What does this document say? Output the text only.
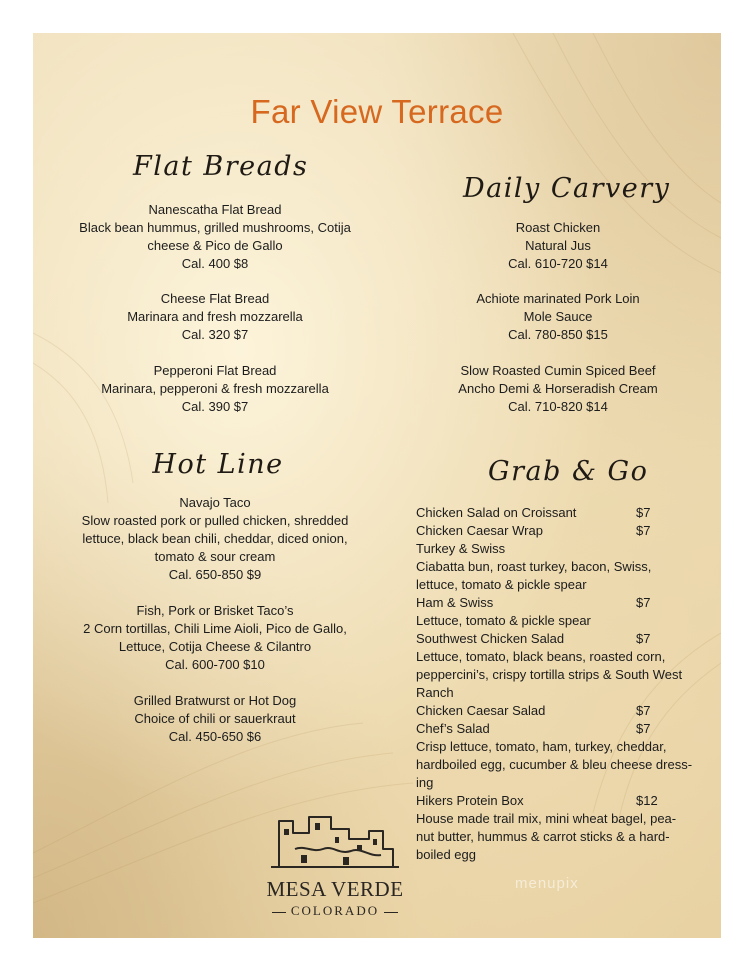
Far View Terrace
Flat Breads
Nanescatha Flat Bread
Black bean hummus, grilled mushrooms, Cotija
cheese & Pico de Gallo
Cal. 400 $8
Cheese Flat Bread
Marinara and fresh mozzarella
Cal. 320 $7
Pepperoni Flat Bread
Marinara, pepperoni & fresh mozzarella
Cal. 390 $7
Hot Line
Navajo Taco
Slow roasted pork or pulled chicken, shredded
lettuce, black bean chili, cheddar, diced onion,
tomato & sour cream
Cal. 650-850 $9
Fish, Pork or Brisket Taco’s
2 Corn tortillas, Chili Lime Aioli, Pico de Gallo,
Lettuce, Cotija Cheese & Cilantro
Cal. 600-700 $10
Grilled Bratwurst or Hot Dog
Choice of chili or sauerkraut
Cal. 450-650 $6
Daily Carvery
Roast Chicken
Natural Jus
Cal. 610-720 $14
Achiote marinated Pork Loin
Mole Sauce
Cal. 780-850 $15
Slow Roasted Cumin Spiced Beef
Ancho Demi & Horseradish Cream
Cal. 710-820 $14
Grab & Go
Chicken Salad on Croissant	$7
Chicken Caesar Wrap	$7
Turkey & Swiss
Ciabatta bun, roast turkey, bacon, Swiss,
lettuce, tomato & pickle spear
Ham & Swiss	$7
Lettuce, tomato & pickle spear
Southwest Chicken Salad	$7
Lettuce, tomato, black beans, roasted corn,
peppercini’s, crispy tortilla strips & South West
Ranch
Chicken Caesar Salad	$7
Chef’s Salad	$7
Crisp lettuce, tomato, ham, turkey, cheddar,
hardboiled egg, cucumber & bleu cheese dress-
ing
Hikers Protein Box	$12
House made trail mix, mini wheat bagel, pea-
nut butter, hummus & carrot sticks & a hard-
boiled egg
MESA VERDE
COLORADO
menupix
